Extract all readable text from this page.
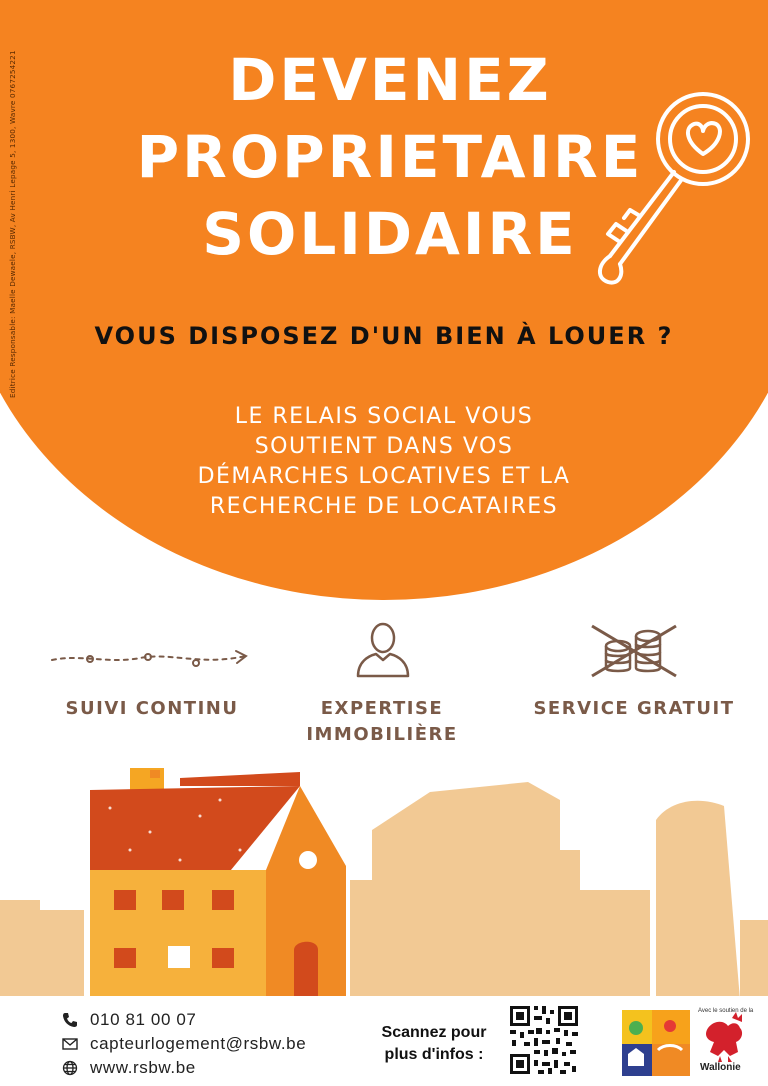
Editrice Responsable: Maelle Dewaele, RSBW, Av Henri Lepage 5, 1300, Wavre 0767254221	DEVENEZ
PROPRIETAIRE
SOLIDAIRE
VOUS DISPOSEZ D'UN BIEN À LOUER ?
LE RELAIS SOCIAL VOUS
SOUTIENT DANS VOS
DÉMARCHES LOCATIVES ET LA
RECHERCHE DE LOCATAIRES
SUIVI CONTINU	EXPERTISE
IMMOBILIÈRE
SERVICE GRATUIT
010 81 00 07
capteurlogement@rsbw.be
www.rsbw.be
Scannez pour
plus d'infos :
Avec le soutien de la
Wallonie
